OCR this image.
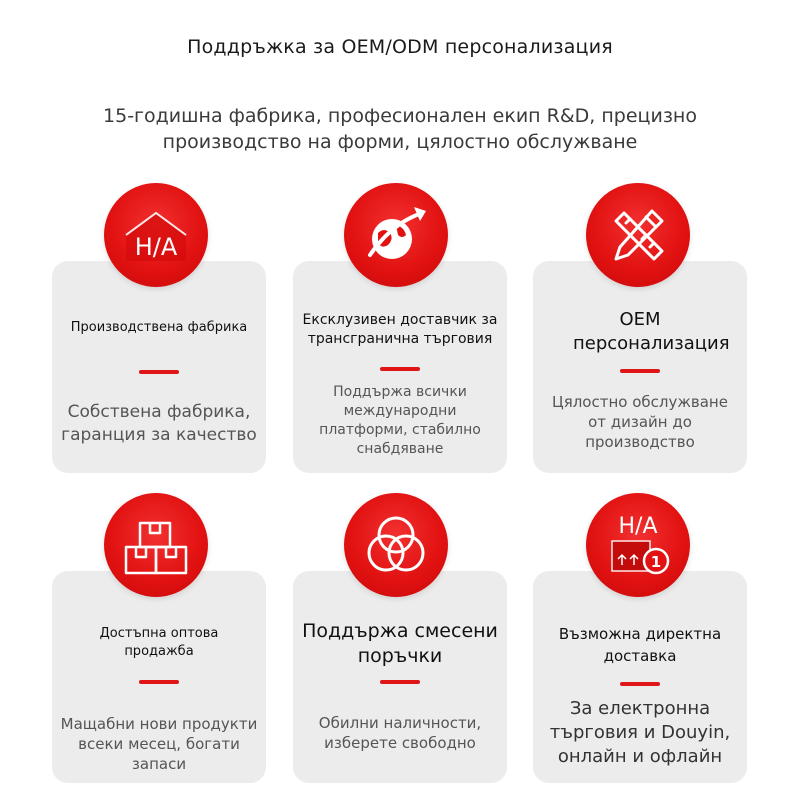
Поддръжка за OEM/ODM персонализация
15-годишна фабрика, професионален екип R&D, прецизно производство на форми, цялостно обслужване
Производствена фабрика
Собствена фабрика, гаранция за качество
H/A
Ексклузивен доставчик за трансгранична търговия
Поддържа всички международни платформи, стабилно снабдяване
OEM персонализация
Цялостно обслужване от дизайн до производство
Достъпна оптова продажба
Мащабни нови продукти всеки месец, богати запаси
Поддържа смесени поръчки
Обилни наличности, изберете свободно
Възможна директна доставка
За електронна търговия и Douyin, онлайн и офлайн
H/A
1
